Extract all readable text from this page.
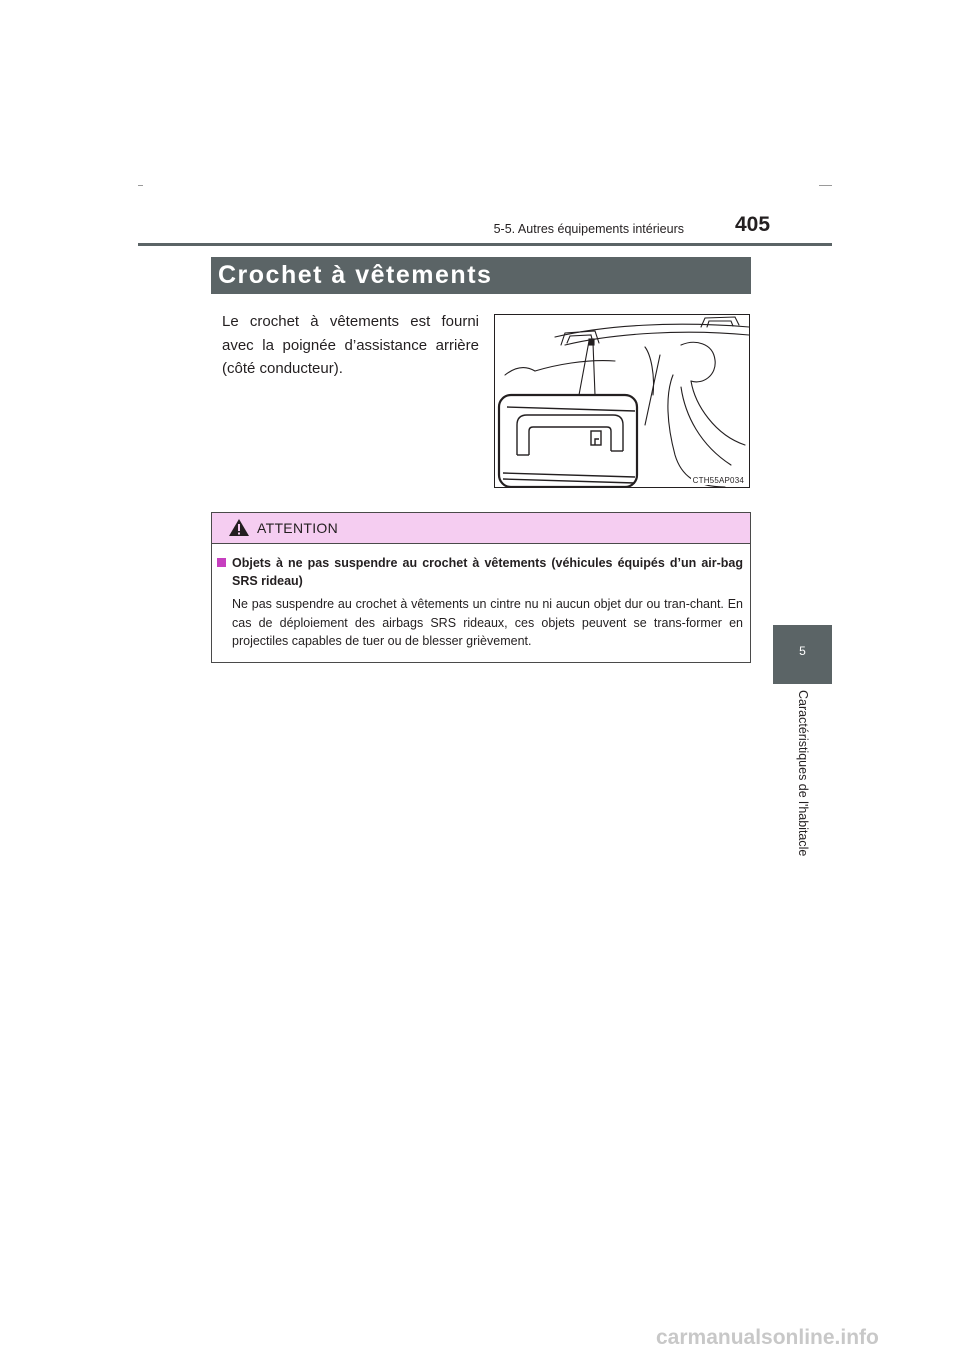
5-5. Autres équipements intérieurs 405
5
Caractéristiques de l'habitacle
Crochet à vêtements
Le crochet à vêtements est fourni avec la poignée d’assistance arrière (côté conducteur).
CTH55AP034
ATTENTION
Objets à ne pas suspendre au crochet à vêtements (véhicules équipés d’un air-bag SRS rideau)
Ne pas suspendre au crochet à vêtements un cintre nu ni aucun objet dur ou tran-chant. En cas de déploiement des airbags SRS rideaux, ces objets peuvent se trans-former en projectiles capables de tuer ou de blesser grièvement.
carmanualsonline.info
